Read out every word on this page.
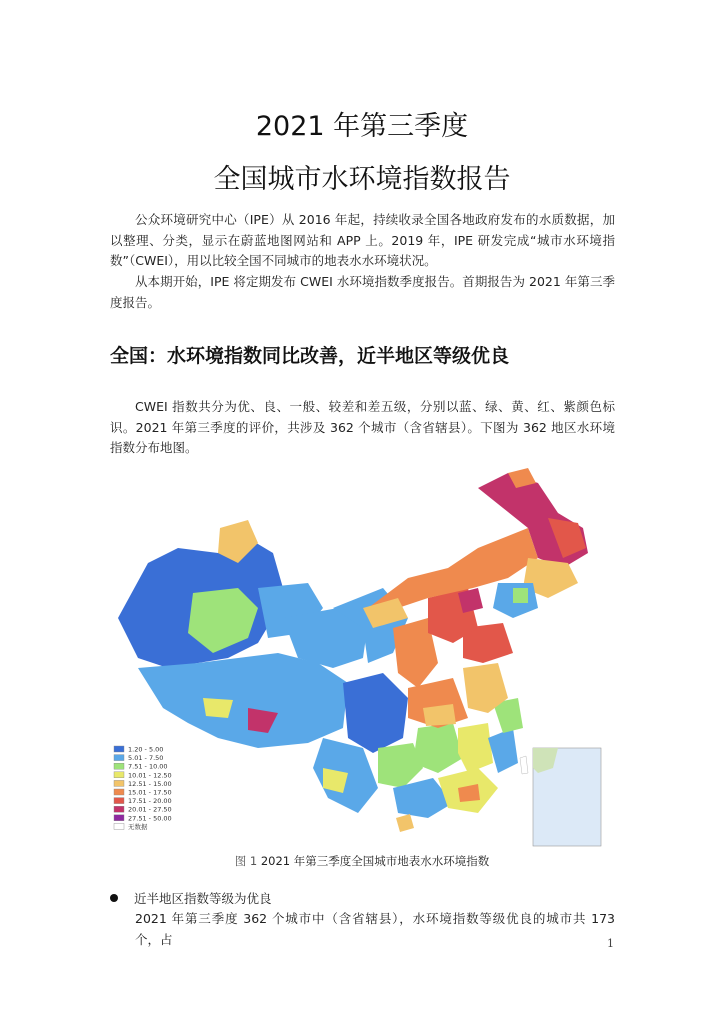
2021 年第三季度
全国城市水环境指数报告
公众环境研究中心（IPE）从 2016 年起，持续收录全国各地政府发布的水质数据，加以整理、分类，显示在蔚蓝地图网站和 APP 上。2019 年，IPE 研发完成“城市水环境指数”（CWEI），用以比较全国不同城市的地表水水环境状况。
从本期开始，IPE 将定期发布 CWEI 水环境指数季度报告。首期报告为 2021 年第三季度报告。
全国：水环境指数同比改善，近半地区等级优良
CWEI 指数共分为优、良、一般、较差和差五级，分别以蓝、绿、黄、红、紫颜色标识。2021 年第三季度的评价，共涉及 362 个城市（含省辖县）。下图为 362 地区水环境指数分布地图。
1.20 - 5.00
5.01 - 7.50
7.51 - 10.00
10.01 - 12.50
12.51 - 15.00
15.01 - 17.50
17.51 - 20.00
20.01 - 27.50
27.51 - 50.00
无数据
图 1 2021 年第三季度全国城市地表水水环境指数
近半地区指数等级为优良
2021 年第三季度 362 个城市中（含省辖县），水环境指数等级优良的城市共 173 个，占	1
